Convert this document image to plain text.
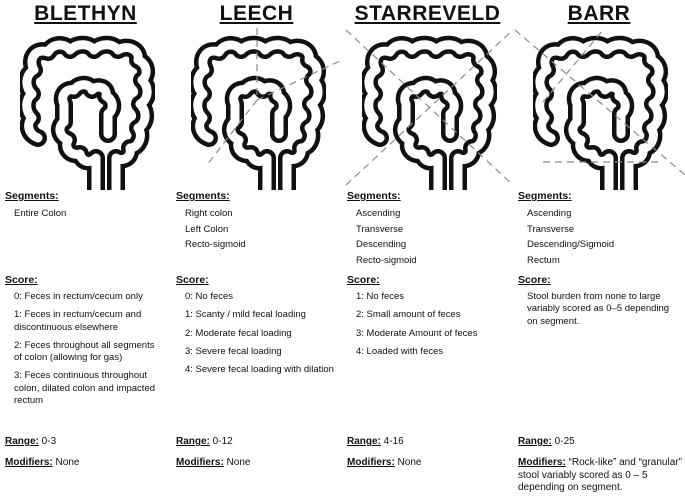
BLETHYN
Segments:
Entire Colon
Score:
0: Feces in rectum/cecum only
1: Feces in rectum/cecum and discontinuous elsewhere
2: Feces throughout all segments of colon (allowing for gas)
3: Feces continuous throughout colon, dilated colon and impacted rectum
Range: 0-3
Modifiers: None
LEECH
Segments:
Right colon
Left Colon
Recto-sigmoid
Score:
0: No feces
1: Scanty / mild fecal loading
2: Moderate fecal loading
3: Severe fecal loading
4: Severe fecal loading with dilation
Range: 0-12
Modifiers: None
STARREVELD
Segments:
Ascending
Transverse
Descending
Recto-sigmoid
Score:
1: No feces
2: Small amount of feces
3: Moderate Amount of feces
4: Loaded with feces
Range: 4-16
Modifiers: None
BARR
Segments:
Ascending
Transverse
Descending/Sigmoid
Rectum
Score:
Stool burden from none to large variably scored as 0–5 depending on segment.
Range: 0-25
Modifiers: “Rock-like” and “granular” stool variably scored as 0 – 5 depending on segment.
